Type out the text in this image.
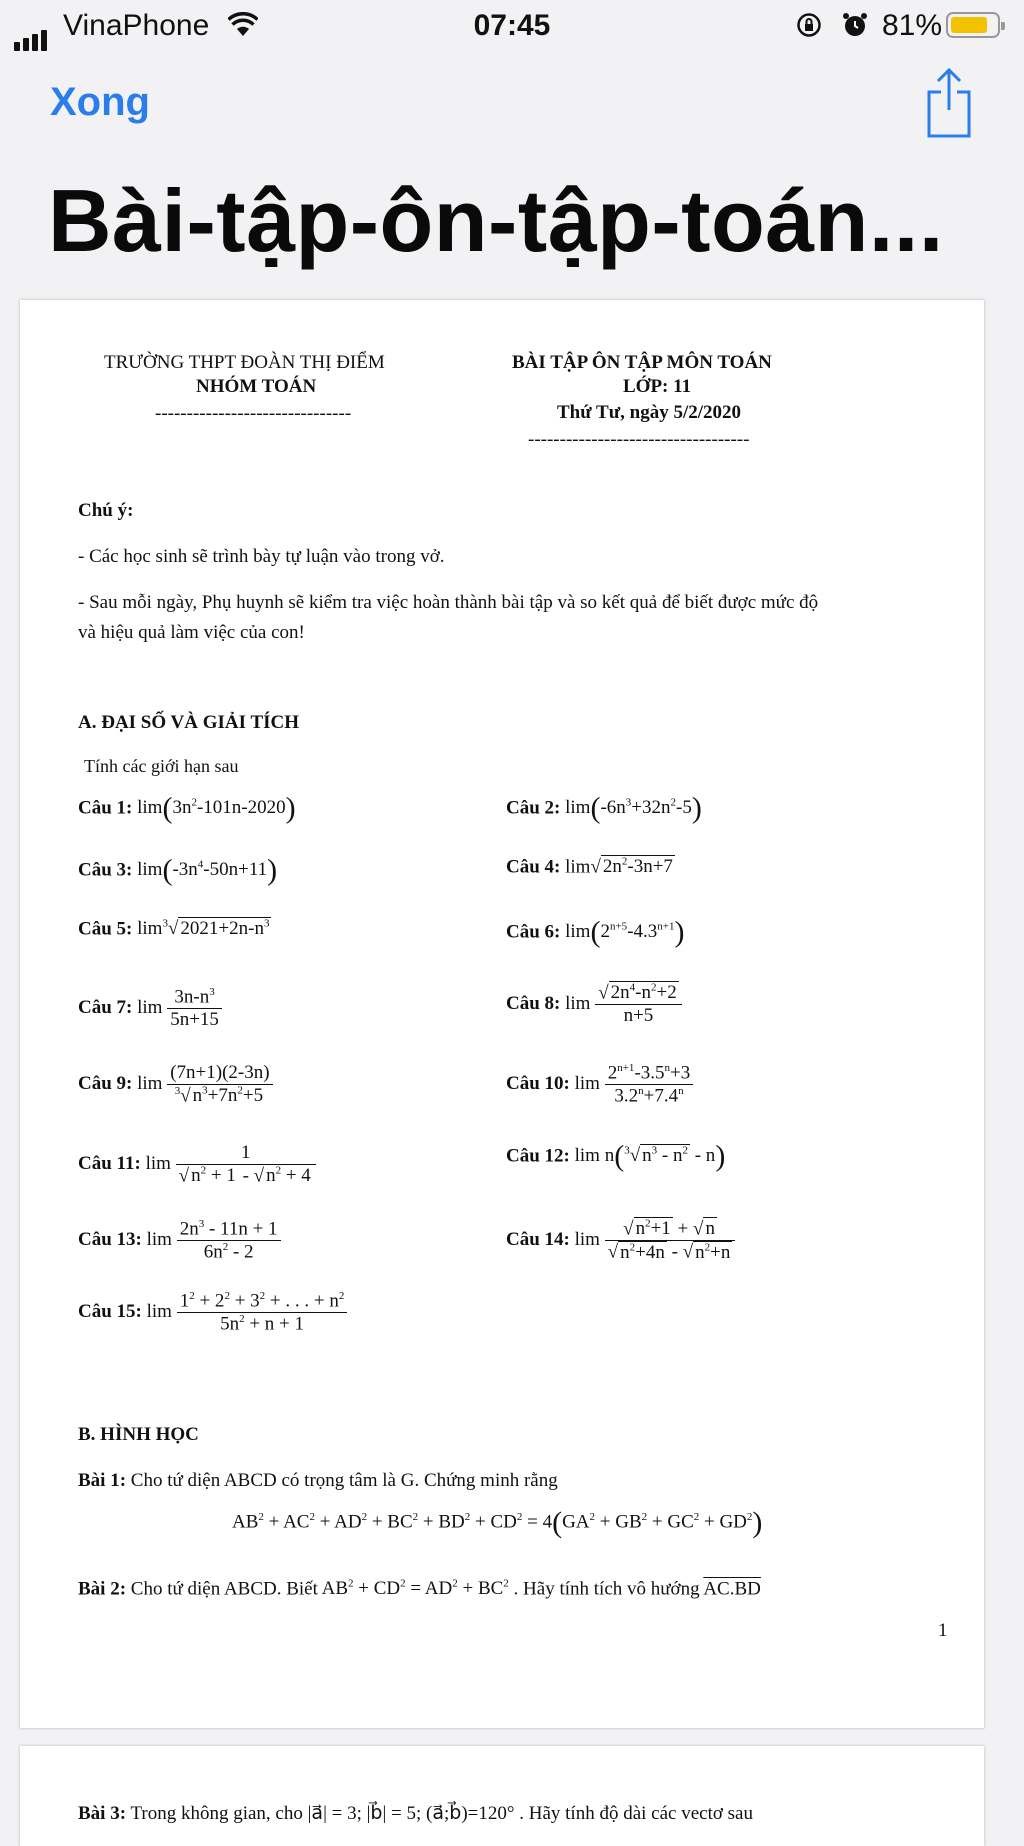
VinaPhone	07:45	81%
Xong
Bài-tập-ôn-tập-toán...
TRƯỜNG THPT ĐOÀN THỊ ĐIỂM
NHÓM TOÁN
-------------------------------
BÀI TẬP ÔN TẬP MÔN TOÁN
LỚP: 11
Thứ Tư, ngày 5/2/2020
-----------------------------------
Chú ý:
- Các học sinh sẽ trình bày tự luận vào trong vở.
- Sau mỗi ngày, Phụ huynh sẽ kiểm tra việc hoàn thành bài tập và so kết quả để biết được mức độ
và hiệu quả làm việc của con!
A. ĐẠI SỐ VÀ GIẢI TÍCH
Tính các giới hạn sau
Câu 1: $\lim(3n^2-101n-2020)$	Câu 2: $\lim(-6n^3+32n^2-5)$
Câu 3: $\lim(-3n^4-50n+11)$	Câu 4: lim√ $2n^2-3n+7$
Câu 5: $\lim^3√$ $2021+2n-n^3$	Câu 6: $\lim(2^{n+5}-4.3^{n+1})$
Câu 7: $\lim \frac{3n-n^3}{5n+15}$	Câu 8: $\lim \frac{√ 2n^4-n^2+2}{n+5}$
Câu 9: $\lim \frac{(7n+1)(2-3n)}{^3√ n^3+7n^2+5}$	Câu 10: $\lim \frac{2^{n+1}-3.5^n+3}{3.2^n+7.4^n}$
Câu 11: $\lim \frac{1}{√ n^2 + 1 - √ n^2 + 4}$	Câu 12: lim n($^3$√ $n^3 - n^2 - n$)
Câu 13: $\lim \frac{2n^3 - 11n + 1}{6n^2 - 2}$	Câu 14: $\lim \frac{√ n^2+1 + √ n}{√ n^2+4n - √ n^2+n}$
Câu 15: $\lim \frac{1^2 + 2^2 + 3^2 + . . . + n^2}{5n^2 + n + 1}$
B. HÌNH HỌC
Bài 1: Cho tứ diện ABCD có trọng tâm là G. Chứng minh rằng
$AB^2 + AC^2 + AD^2 + BC^2 + BD^2 + CD^2 = 4(GA^2 + GB^2 + GC^2 + GD^2)$
Bài 2: Cho tứ diện ABCD. Biết $AB^2 + CD^2 = AD^2 + BC^2$ . Hãy tính tích vô hướng AC.BD
1
Bài 3: Trong không gian, cho |a⃗| = 3; |b⃗| = 5; (a⃗;b⃗)=120° . Hãy tính độ dài các vectơ sau
